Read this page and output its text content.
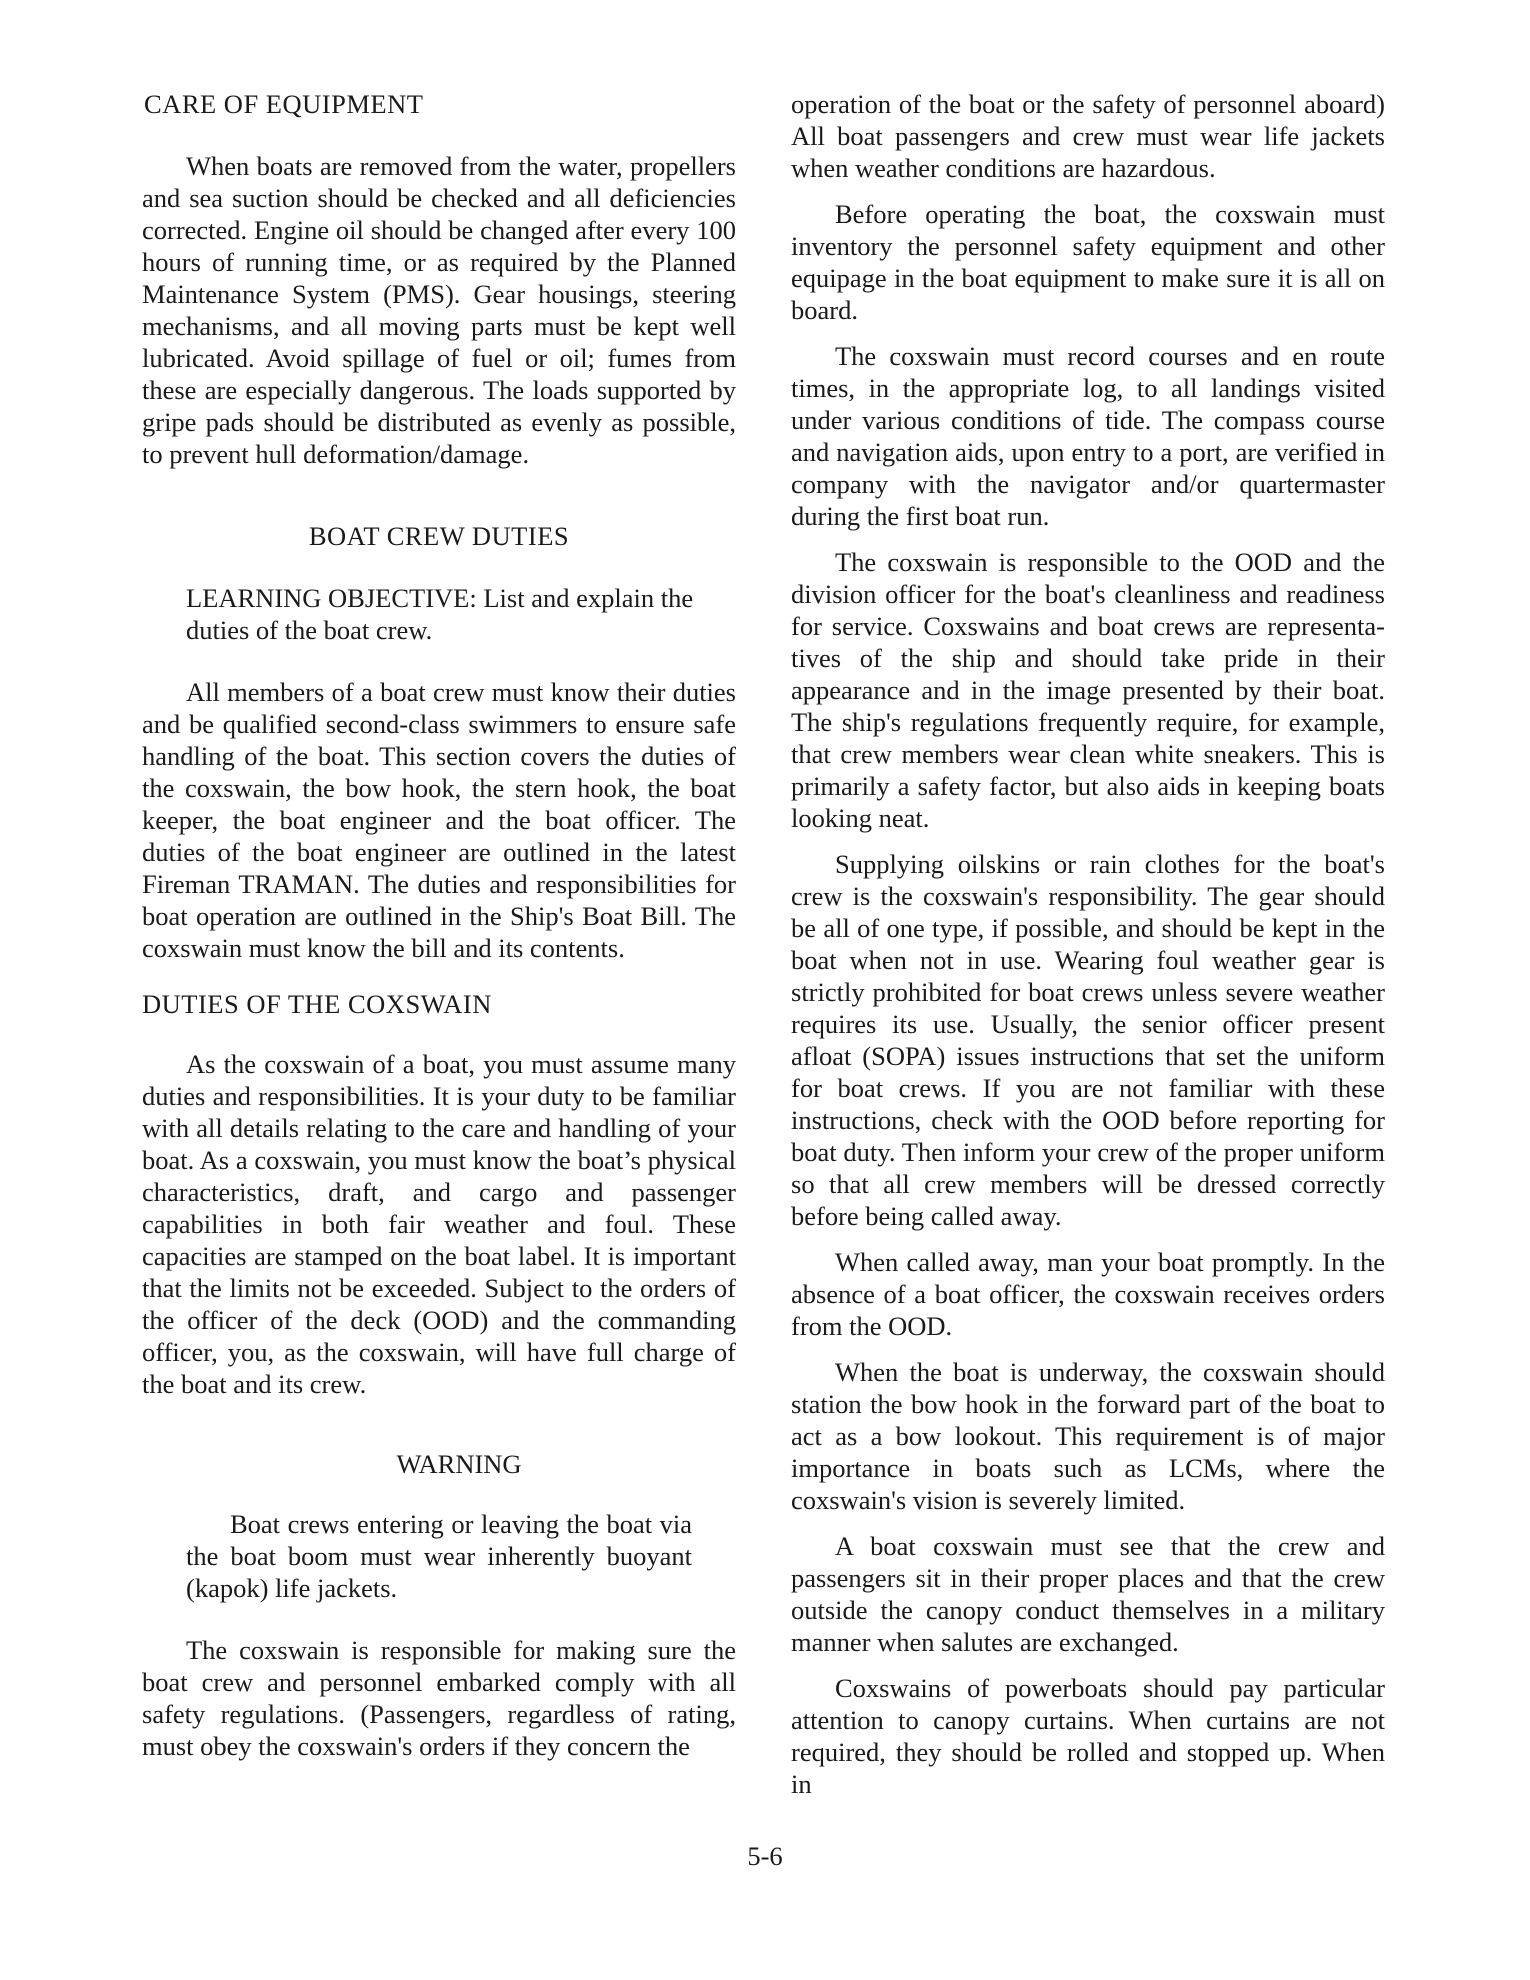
CARE OF EQUIPMENT

When boats are removed from the water, propellers and sea suction should be checked and all deficiencies corrected. Engine oil should be changed after every 100 hours of running time, or as required by the Planned Maintenance System (PMS). Gear housings, steering mechanisms, and all moving parts must be kept well lubricated. Avoid spillage of fuel or oil; fumes from these are especially dangerous. The loads supported by gripe pads should be distributed as evenly as possible, to prevent hull deformation/damage.

BOAT CREW DUTIES

LEARNING OBJECTIVE: List and explain the duties of the boat crew.

All members of a boat crew must know their duties and be qualified second-class swimmers to ensure safe handling of the boat. This section covers the duties of the coxswain, the bow hook, the stern hook, the boat keeper, the boat engineer and the boat officer. The duties of the boat engineer are outlined in the latest Fireman TRAMAN. The duties and responsibilities for boat operation are outlined in the Ship's Boat Bill. The coxswain must know the bill and its contents.

DUTIES OF THE COXSWAIN

As the coxswain of a boat, you must assume many duties and responsibilities. It is your duty to be familiar with all details relating to the care and handling of your boat. As a coxswain, you must know the boat’s physical characteristics, draft, and cargo and passenger capabilities in both fair weather and foul. These capacities are stamped on the boat label. It is important that the limits not be exceeded. Subject to the orders of the officer of the deck (OOD) and the commanding officer, you, as the coxswain, will have full charge of the boat and its crew.

WARNING

Boat crews entering or leaving the boat via the boat boom must wear inherently buoyant (kapok) life jackets.

The coxswain is responsible for making sure the boat crew and personnel embarked comply with all safety regulations. (Passengers, regardless of rating, must obey the coxswain's orders if they concern the

operation of the boat or the safety of personnel aboard) All boat passengers and crew must wear life jackets when weather conditions are hazardous.

Before operating the boat, the coxswain must inventory the personnel safety equipment and other equipage in the boat equipment to make sure it is all on board.

The coxswain must record courses and en route times, in the appropriate log, to all landings visited under various conditions of tide. The compass course and navigation aids, upon entry to a port, are verified in company with the navigator and/or quartermaster during the first boat run.

The coxswain is responsible to the OOD and the division officer for the boat's cleanliness and readiness for service. Coxswains and boat crews are representatives of the ship and should take pride in their appearance and in the image presented by their boat. The ship's regulations frequently require, for example, that crew members wear clean white sneakers. This is primarily a safety factor, but also aids in keeping boats looking neat.

Supplying oilskins or rain clothes for the boat's crew is the coxswain's responsibility. The gear should be all of one type, if possible, and should be kept in the boat when not in use. Wearing foul weather gear is strictly prohibited for boat crews unless severe weather requires its use. Usually, the senior officer present afloat (SOPA) issues instructions that set the uniform for boat crews. If you are not familiar with these instructions, check with the OOD before reporting for boat duty. Then inform your crew of the proper uniform so that all crew members will be dressed correctly before being called away.

When called away, man your boat promptly. In the absence of a boat officer, the coxswain receives orders from the OOD.

When the boat is underway, the coxswain should station the bow hook in the forward part of the boat to act as a bow lookout. This requirement is of major importance in boats such as LCMs, where the coxswain's vision is severely limited.

A boat coxswain must see that the crew and passengers sit in their proper places and that the crew outside the canopy conduct themselves in a military manner when salutes are exchanged.

Coxswains of powerboats should pay particular attention to canopy curtains. When curtains are not required, they should be rolled and stopped up. When in

5-6
